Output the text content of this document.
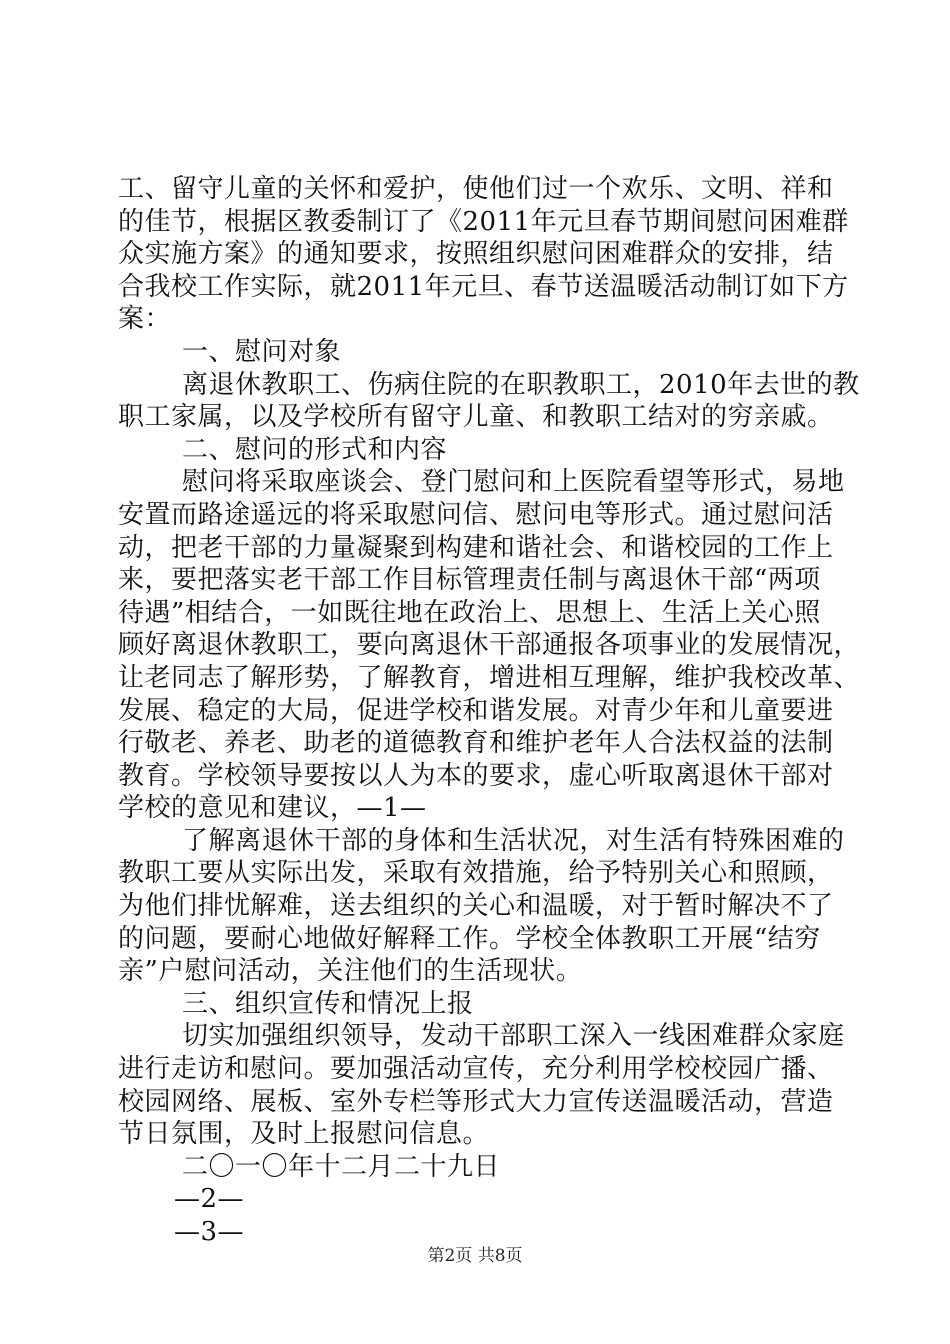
工、留守儿童的关怀和爱护，使他们过一个欢乐、文明、祥和
的佳节，根据区教委制订了《2011年元旦春节期间慰问困难群
众实施方案》的通知要求，按照组织慰问困难群众的安排，结
合我校工作实际，就2011年元旦、春节送温暖活动制订如下方
案：
一、慰问对象
离退休教职工、伤病住院的在职教职工，2010年去世的教
职工家属，以及学校所有留守儿童、和教职工结对的穷亲戚。
二、慰问的形式和内容
慰问将采取座谈会、登门慰问和上医院看望等形式，易地
安置而路途遥远的将采取慰问信、慰问电等形式。通过慰问活
动，把老干部的力量凝聚到构建和谐社会、和谐校园的工作上
来，要把落实老干部工作目标管理责任制与离退休干部“两项
待遇”相结合，一如既往地在政治上、思想上、生活上关心照
顾好离退休教职工，要向离退休干部通报各项事业的发展情况，
让老同志了解形势，了解教育，增进相互理解，维护我校改革、
发展、稳定的大局，促进学校和谐发展。对青少年和儿童要进
行敬老、养老、助老的道德教育和维护老年人合法权益的法制
教育。学校领导要按以人为本的要求，虚心听取离退休干部对
学校的意见和建议，—1—
了解离退休干部的身体和生活状况，对生活有特殊困难的
教职工要从实际出发，采取有效措施，给予特别关心和照顾，
为他们排忧解难，送去组织的关心和温暖，对于暂时解决不了
的问题，要耐心地做好解释工作。学校全体教职工开展“结穷
亲”户慰问活动，关注他们的生活现状。
三、组织宣传和情况上报
切实加强组织领导，发动干部职工深入一线困难群众家庭
进行走访和慰问。要加强活动宣传，充分利用学校校园广播、
校园网络、展板、室外专栏等形式大力宣传送温暖活动，营造
节日氛围，及时上报慰问信息。
二〇一〇年十二月二十九日
—2—
—3—
第2页 共8页
